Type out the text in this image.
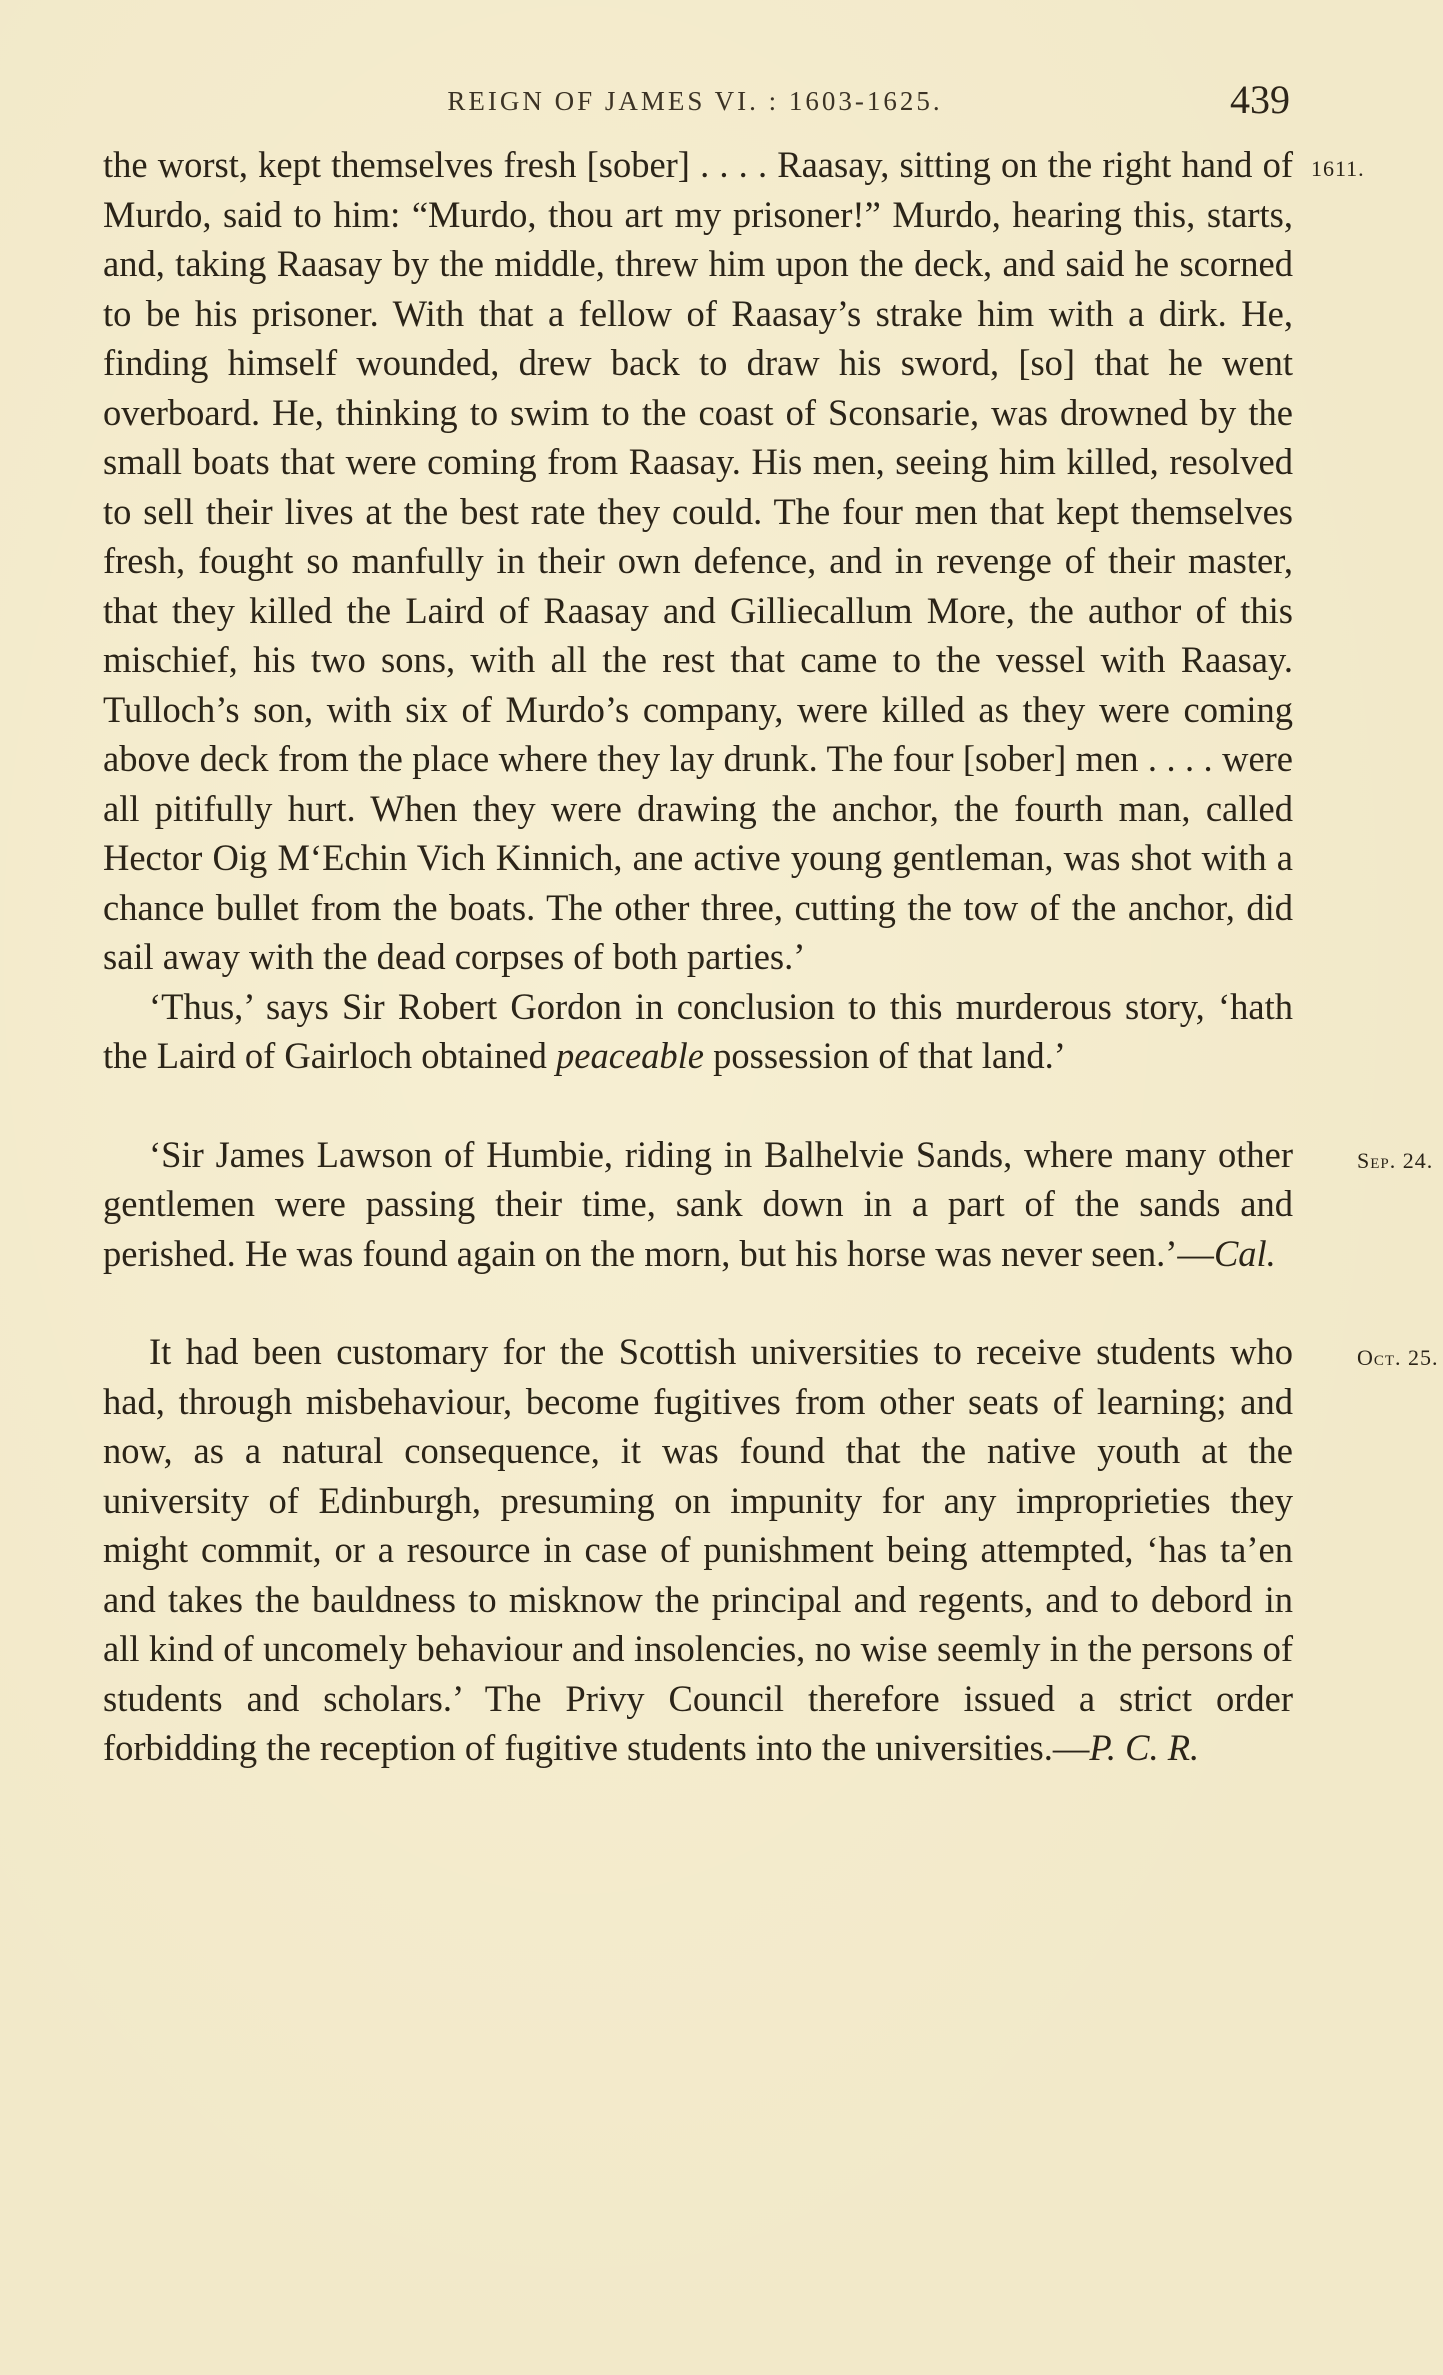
REIGN OF JAMES VI. : 1603-1625.	439

1611.
the worst, kept themselves fresh [sober] . . . . Raasay, sitting on the right hand of Murdo, said to him: “Murdo, thou art my prisoner!” Murdo, hearing this, starts, and, taking Raasay by the middle, threw him upon the deck, and said he scorned to be his prisoner. With that a fellow of Raasay’s strake him with a dirk. He, finding himself wounded, drew back to draw his sword, [so] that he went overboard. He, thinking to swim to the coast of Sconsarie, was drowned by the small boats that were coming from Raasay. His men, seeing him killed, resolved to sell their lives at the best rate they could. The four men that kept themselves fresh, fought so manfully in their own defence, and in revenge of their master, that they killed the Laird of Raasay and Gilliecallum More, the author of this mischief, his two sons, with all the rest that came to the vessel with Raasay. Tulloch’s son, with six of Murdo’s company, were killed as they were coming above deck from the place where they lay drunk. The four [sober] men . . . . were all pitifully hurt. When they were drawing the anchor, the fourth man, called Hector Oig M‘Echin Vich Kinnich, ane active young gentleman, was shot with a chance bullet from the boats. The other three, cutting the tow of the anchor, did sail away with the dead corpses of both parties.’

‘Thus,’ says Sir Robert Gordon in conclusion to this murderous story, ‘hath the Laird of Gairloch obtained peaceable possession of that land.’

Sep. 24.
‘Sir James Lawson of Humbie, riding in Balhelvie Sands, where many other gentlemen were passing their time, sank down in a part of the sands and perished. He was found again on the morn, but his horse was never seen.’—Cal.

Oct. 25.
It had been customary for the Scottish universities to receive students who had, through misbehaviour, become fugitives from other seats of learning; and now, as a natural consequence, it was found that the native youth at the university of Edinburgh, presuming on impunity for any improprieties they might commit, or a resource in case of punishment being attempted, ‘has ta’en and takes the bauldness to misknow the principal and regents, and to debord in all kind of uncomely behaviour and insolencies, no wise seemly in the persons of students and scholars.’ The Privy Council therefore issued a strict order forbidding the reception of fugitive students into the universities.—P. C. R.
